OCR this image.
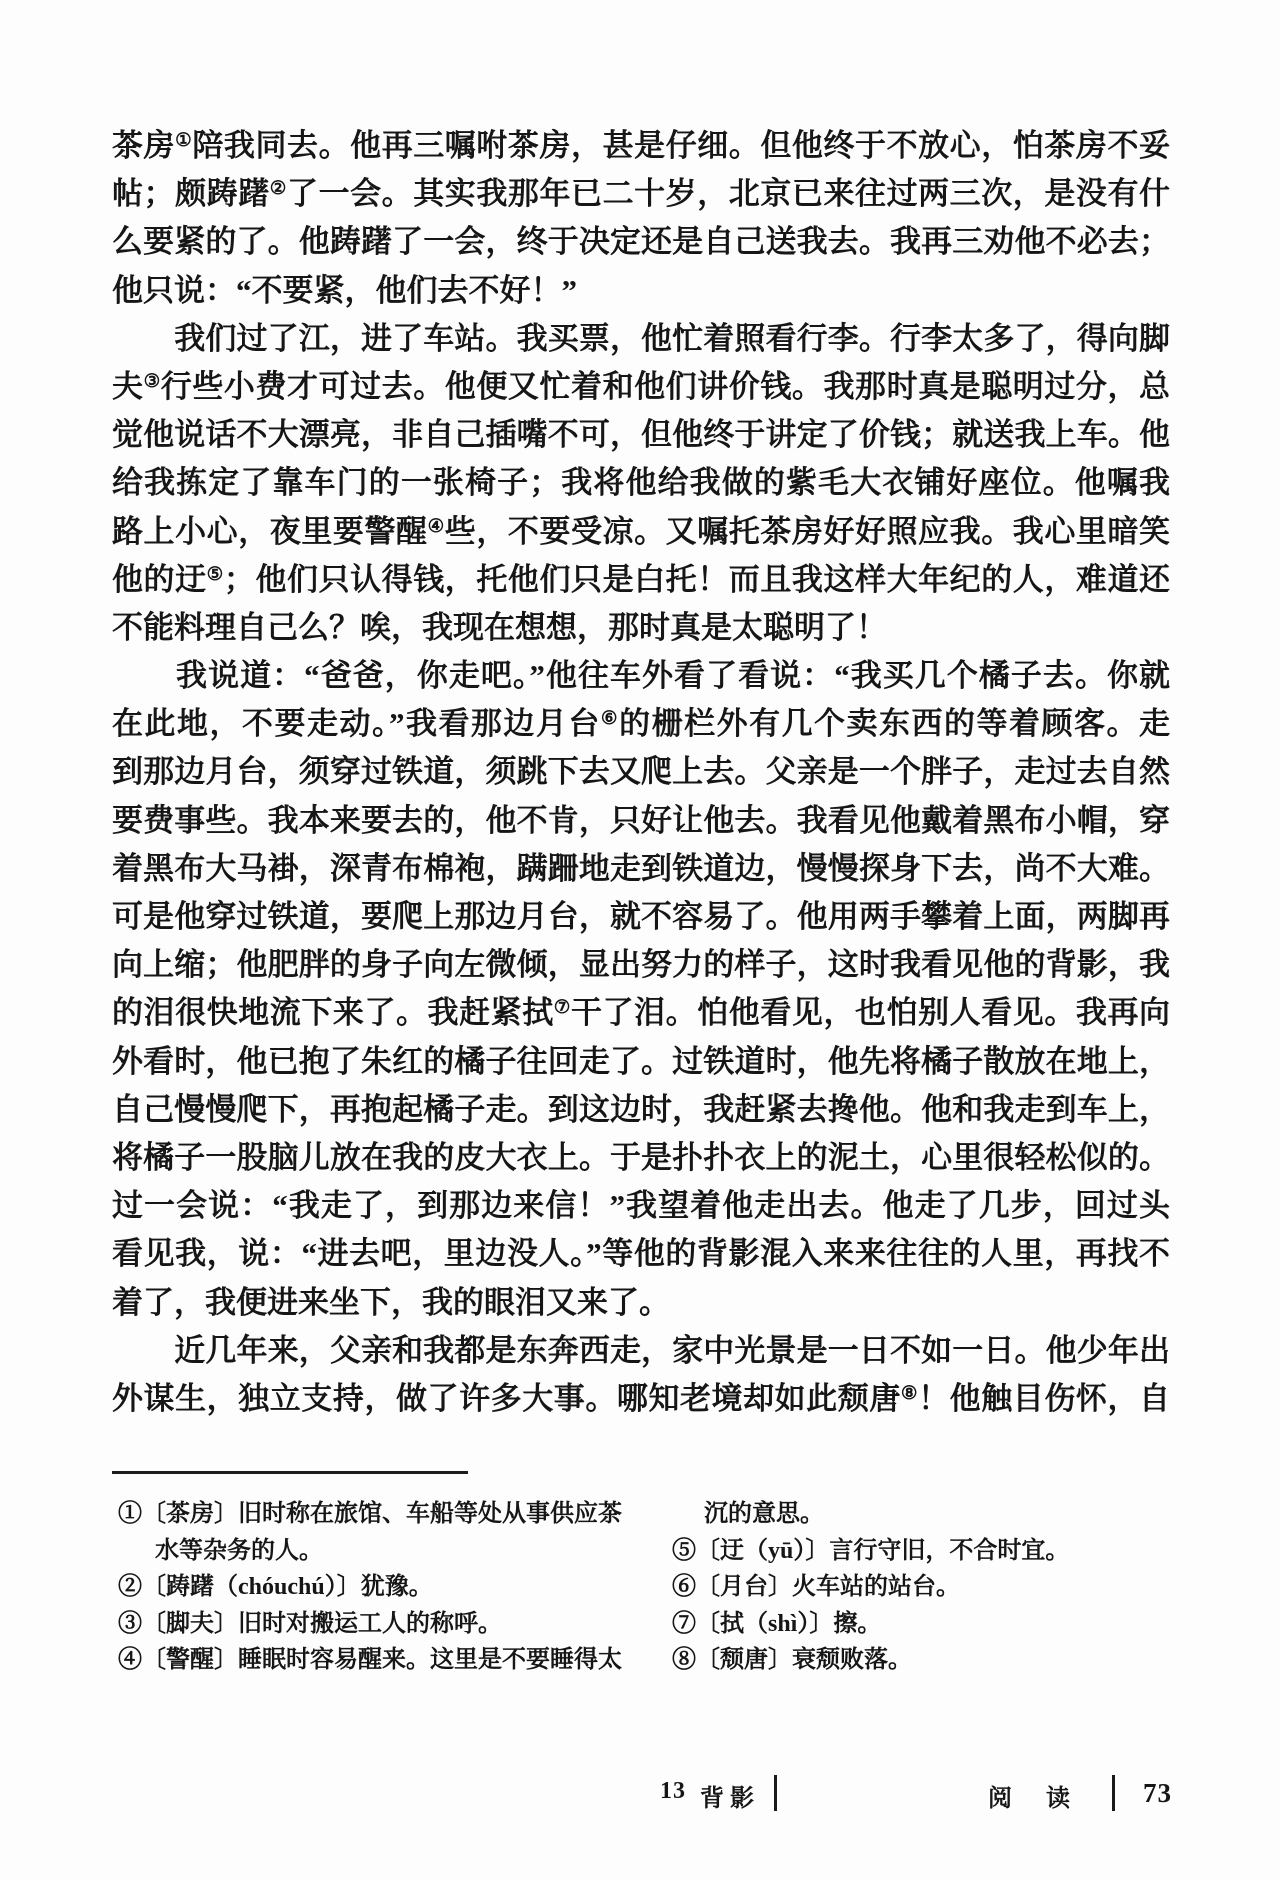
茶房①陪我同去。他再三嘱咐茶房，甚是仔细。但他终于不放心，怕茶房不妥
帖；颇踌躇②了一会。其实我那年已二十岁，北京已来往过两三次，是没有什
么要紧的了。他踌躇了一会，终于决定还是自己送我去。我再三劝他不必去；
他只说：“不要紧，他们去不好！”
　　我们过了江，进了车站。我买票，他忙着照看行李。行李太多了，得向脚
夫③行些小费才可过去。他便又忙着和他们讲价钱。我那时真是聪明过分，总
觉他说话不大漂亮，非自己插嘴不可，但他终于讲定了价钱；就送我上车。他
给我拣定了靠车门的一张椅子；我将他给我做的紫毛大衣铺好座位。他嘱我
路上小心，夜里要警醒④些，不要受凉。又嘱托茶房好好照应我。我心里暗笑
他的迂⑤；他们只认得钱，托他们只是白托！而且我这样大年纪的人，难道还
不能料理自己么？唉，我现在想想，那时真是太聪明了！
　　我说道：“爸爸，你走吧。”他往车外看了看说：“我买几个橘子去。你就
在此地，不要走动。”我看那边月台⑥的栅栏外有几个卖东西的等着顾客。走
到那边月台，须穿过铁道，须跳下去又爬上去。父亲是一个胖子，走过去自然
要费事些。我本来要去的，他不肯，只好让他去。我看见他戴着黑布小帽，穿
着黑布大马褂，深青布棉袍，蹒跚地走到铁道边，慢慢探身下去，尚不大难。
可是他穿过铁道，要爬上那边月台，就不容易了。他用两手攀着上面，两脚再
向上缩；他肥胖的身子向左微倾，显出努力的样子，这时我看见他的背影，我
的泪很快地流下来了。我赶紧拭⑦干了泪。怕他看见，也怕别人看见。我再向
外看时，他已抱了朱红的橘子往回走了。过铁道时，他先将橘子散放在地上，
自己慢慢爬下，再抱起橘子走。到这边时，我赶紧去搀他。他和我走到车上，
将橘子一股脑儿放在我的皮大衣上。于是扑扑衣上的泥土，心里很轻松似的。
过一会说：“我走了，到那边来信！”我望着他走出去。他走了几步，回过头
看见我，说：“进去吧，里边没人。”等他的背影混入来来往往的人里，再找不
着了，我便进来坐下，我的眼泪又来了。
　　近几年来，父亲和我都是东奔西走，家中光景是一日不如一日。他少年出
外谋生，独立支持，做了许多大事。哪知老境却如此颓唐⑧！他触目伤怀，自
①〔茶房〕旧时称在旅馆、车船等处从事供应茶
水等杂务的人。
②〔踌躇（chóuchú）〕犹豫。
③〔脚夫〕旧时对搬运工人的称呼。
④〔警醒〕睡眠时容易醒来。这里是不要睡得太
沉的意思。
⑤〔迂（yū）〕言行守旧，不合时宜。
⑥〔月台〕火车站的站台。
⑦〔拭（shì）〕擦。
⑧〔颓唐〕衰颓败落。
13 背影	阅 读 73
